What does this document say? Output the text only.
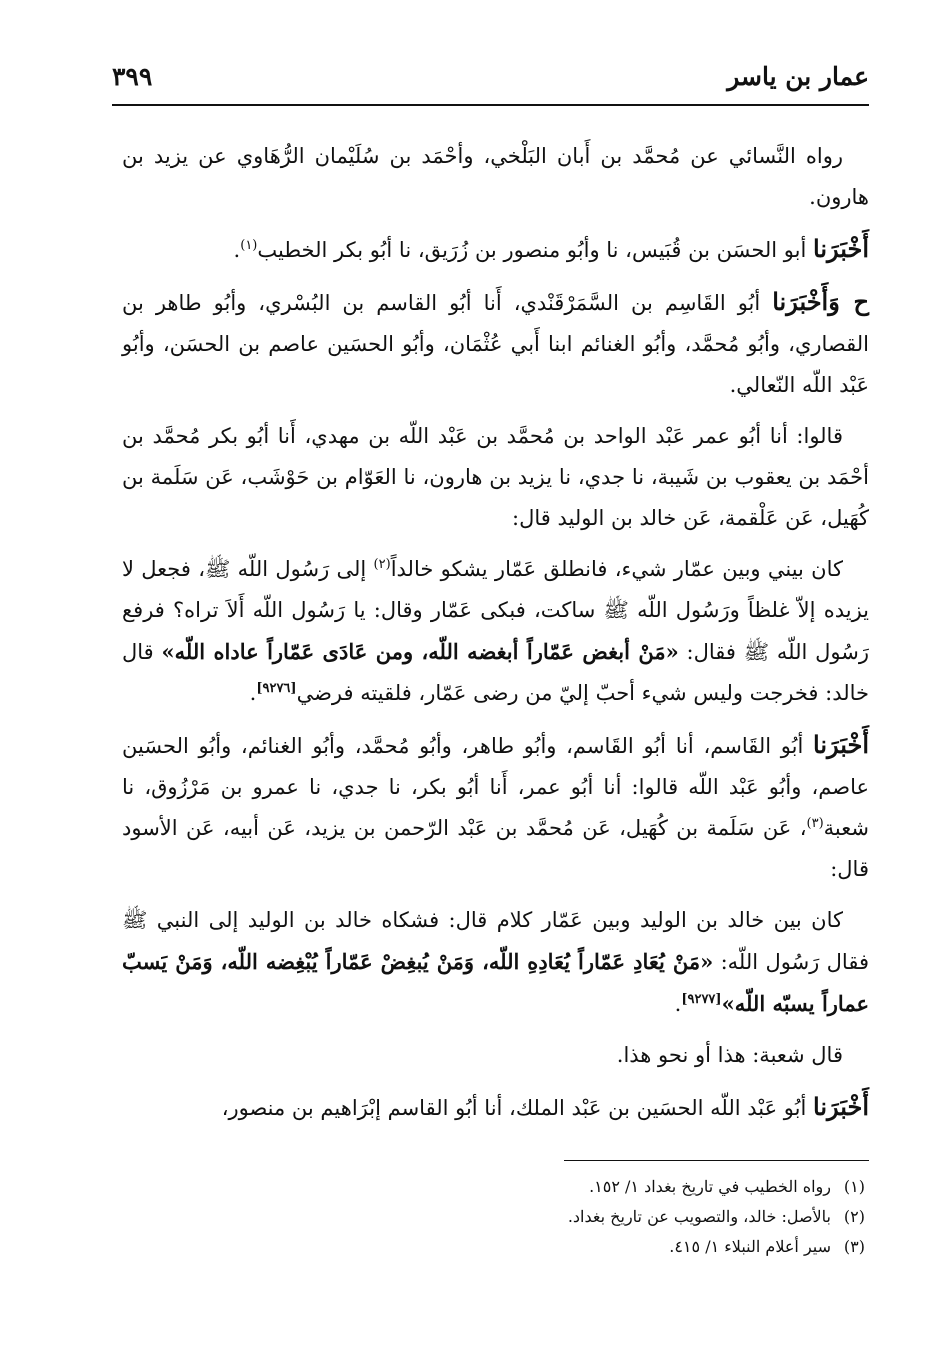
عمار بن ياسر
٣٩٩

رواه النَّسائي عن مُحمَّد بن أَبان البَلْخي، وأحْمَد بن سُلَيْمان الرُّهَاوي عن يزيد بن هارون.

أَخْبَرَنا أبو الحسَن بن قُبَيس، نا وأبُو منصور بن زُرَيق، نا أبُو بكر الخطيب$^{(١)}$.

ح وَأَخْبَرَنا أبُو القَاسِم بن السَّمَرْقَنْدي، أَنا أبُو القاسم بن البُسْري، وأبُو طاهر بن القصاري، وأبُو مُحمَّد، وأبُو الغنائم ابنا أَبي عُثْمَان، وأبُو الحسَين عاصم بن الحسَن، وأبُو عَبْد اللّه النّعالي.

قالوا: أنا أبُو عمر عَبْد الواحد بن مُحمَّد بن عَبْد اللّه بن مهدي، أَنا أبُو بكر مُحمَّد بن أحْمَد بن يعقوب بن شَيبة، نا جدي، نا يزيد بن هارون، نا العَوّام بن حَوْشَب، عَن سَلَمة بن كُهَيل، عَن عَلْقمة، عَن خالد بن الوليد قال:

كان بيني وبين عمّار شيء، فانطلق عَمّار يشكو خالداً$^{(٢)}$ إلى رَسُول اللّه ﷺ، فجعل لا يزيده إلاّ غلظاً ورَسُول اللّه ﷺ ساكت، فبكى عَمّار وقال: يا رَسُول اللّه أَلاَ تراه؟ فرفع رَسُول اللّه ﷺ فقال: «مَنْ أبغض عَمّاراً أبغضه اللّه، ومن عَادَى عَمّاراً عاداه اللّه» قال خالد: فخرجت وليس شيء أحبّ إليّ من رضى عَمّار، فلقيته فرضي[٩٢٧٦].

أَخْبَرَنا أبُو القَاسم، أنا أبُو القَاسم، وأبُو طاهر، وأبُو مُحمَّد، وأبُو الغنائم، وأبُو الحسَين عاصم، وأبُو عَبْد اللّه قالوا: أنا أبُو عمر، أَنا أبُو بكر، نا جدي، نا عمرو بن مَرْزُوق، نا شعبة$^{(٣)}$، عَن سَلَمة بن كُهَيل، عَن مُحمَّد بن عَبْد الرّحمن بن يزيد، عَن أبيه، عَن الأسود قال:

كان بين خالد بن الوليد وبين عَمّار كلام قال: فشكاه خالد بن الوليد إلى النبي ﷺ فقال رَسُول اللّه: «مَنْ يُعَادِ عَمّاراً يُعَادِهِ اللّه، وَمَنْ يُبغِضْ عَمّاراً يُبْغِضه اللّه، وَمَنْ يَسبّ عماراً يسبّه اللّه»[٩٢٧٧].

قال شعبة: هذا أو نحو هذا.

أَخْبَرَنا أبُو عَبْد اللّه الحسَين بن عَبْد الملك، أنا أبُو القاسم إبْرَاهيم بن منصور،

(١)رواه الخطيب في تاريخ بغداد ١/ ١٥٢.

(٢)بالأصل: خالد، والتصويب عن تاريخ بغداد.

(٣)سير أعلام النبلاء ١/ ٤١٥.
